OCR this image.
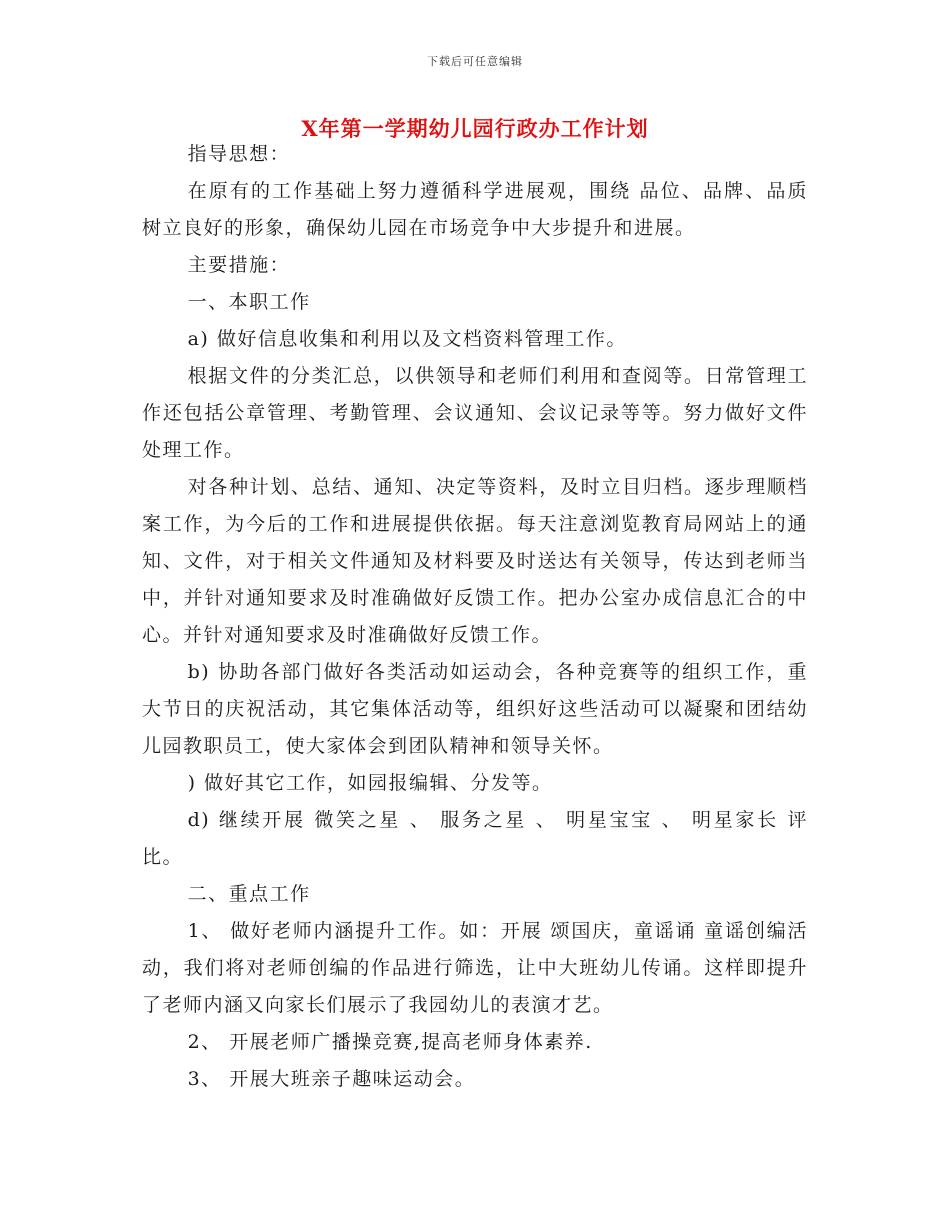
下载后可任意编辑
X年第一学期幼儿园行政办工作计划

指导思想：

在原有的工作基础上努力遵循科学进展观，围绕 品位、品牌、品质 树立良好的形象，确保幼儿园在市场竞争中大步提升和进展。

主要措施：

一、本职工作

a) 做好信息收集和利用以及文档资料管理工作。

根据文件的分类汇总，以供领导和老师们利用和查阅等。日常管理工作还包括公章管理、考勤管理、会议通知、会议记录等等。努力做好文件处理工作。

对各种计划、总结、通知、决定等资料，及时立目归档。逐步理顺档案工作，为今后的工作和进展提供依据。每天注意浏览教育局网站上的通知、文件，对于相关文件通知及材料要及时送达有关领导，传达到老师当中，并针对通知要求及时准确做好反馈工作。把办公室办成信息汇合的中心。并针对通知要求及时准确做好反馈工作。

b) 协助各部门做好各类活动如运动会，各种竞赛等的组织工作，重大节日的庆祝活动，其它集体活动等，组织好这些活动可以凝聚和团结幼儿园教职员工，使大家体会到团队精神和领导关怀。

) 做好其它工作，如园报编辑、分发等。

d) 继续开展 微笑之星 、 服务之星 、 明星宝宝 、 明星家长 评比。

二、重点工作

1、 做好老师内涵提升工作。如：开展 颂国庆，童谣诵 童谣创编活动，我们将对老师创编的作品进行筛选，让中大班幼儿传诵。这样即提升了老师内涵又向家长们展示了我园幼儿的表演才艺。

2、 开展老师广播操竞赛,提高老师身体素养.

3、 开展大班亲子趣味运动会。
